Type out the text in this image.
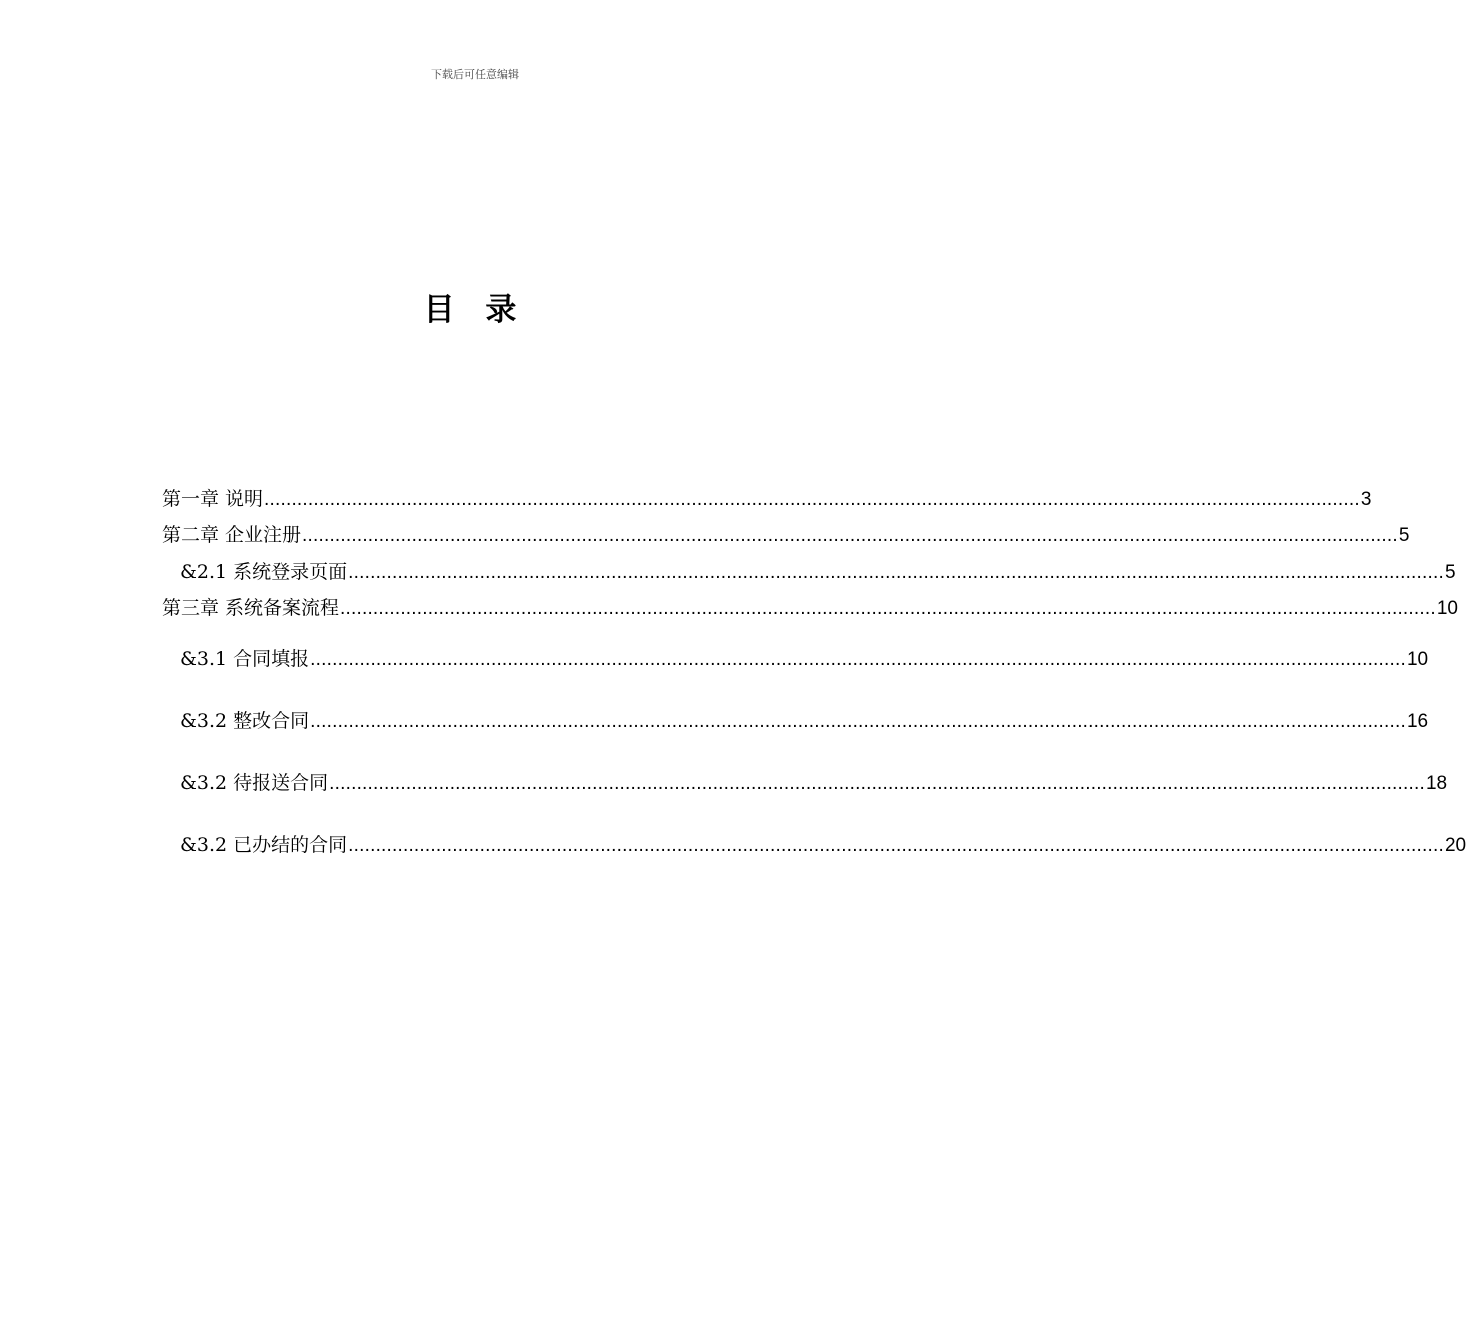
下载后可任意编辑
目 录
第一章 说明 ........................................................................................................................................................................................................ 3
第二章 企业注册 ........................................................................................................................................................................................................ 5
&2.1 系统登录页面 ........................................................................................................................................................................................................ 5
第三章 系统备案流程 ........................................................................................................................................................................................................ 10
&3.1 合同填报 ........................................................................................................................................................................................................ 10
&3.2 整改合同 ........................................................................................................................................................................................................ 16
&3.2 待报送合同 ........................................................................................................................................................................................................ 18
&3.2 已办结的合同 ........................................................................................................................................................................................................ 20
